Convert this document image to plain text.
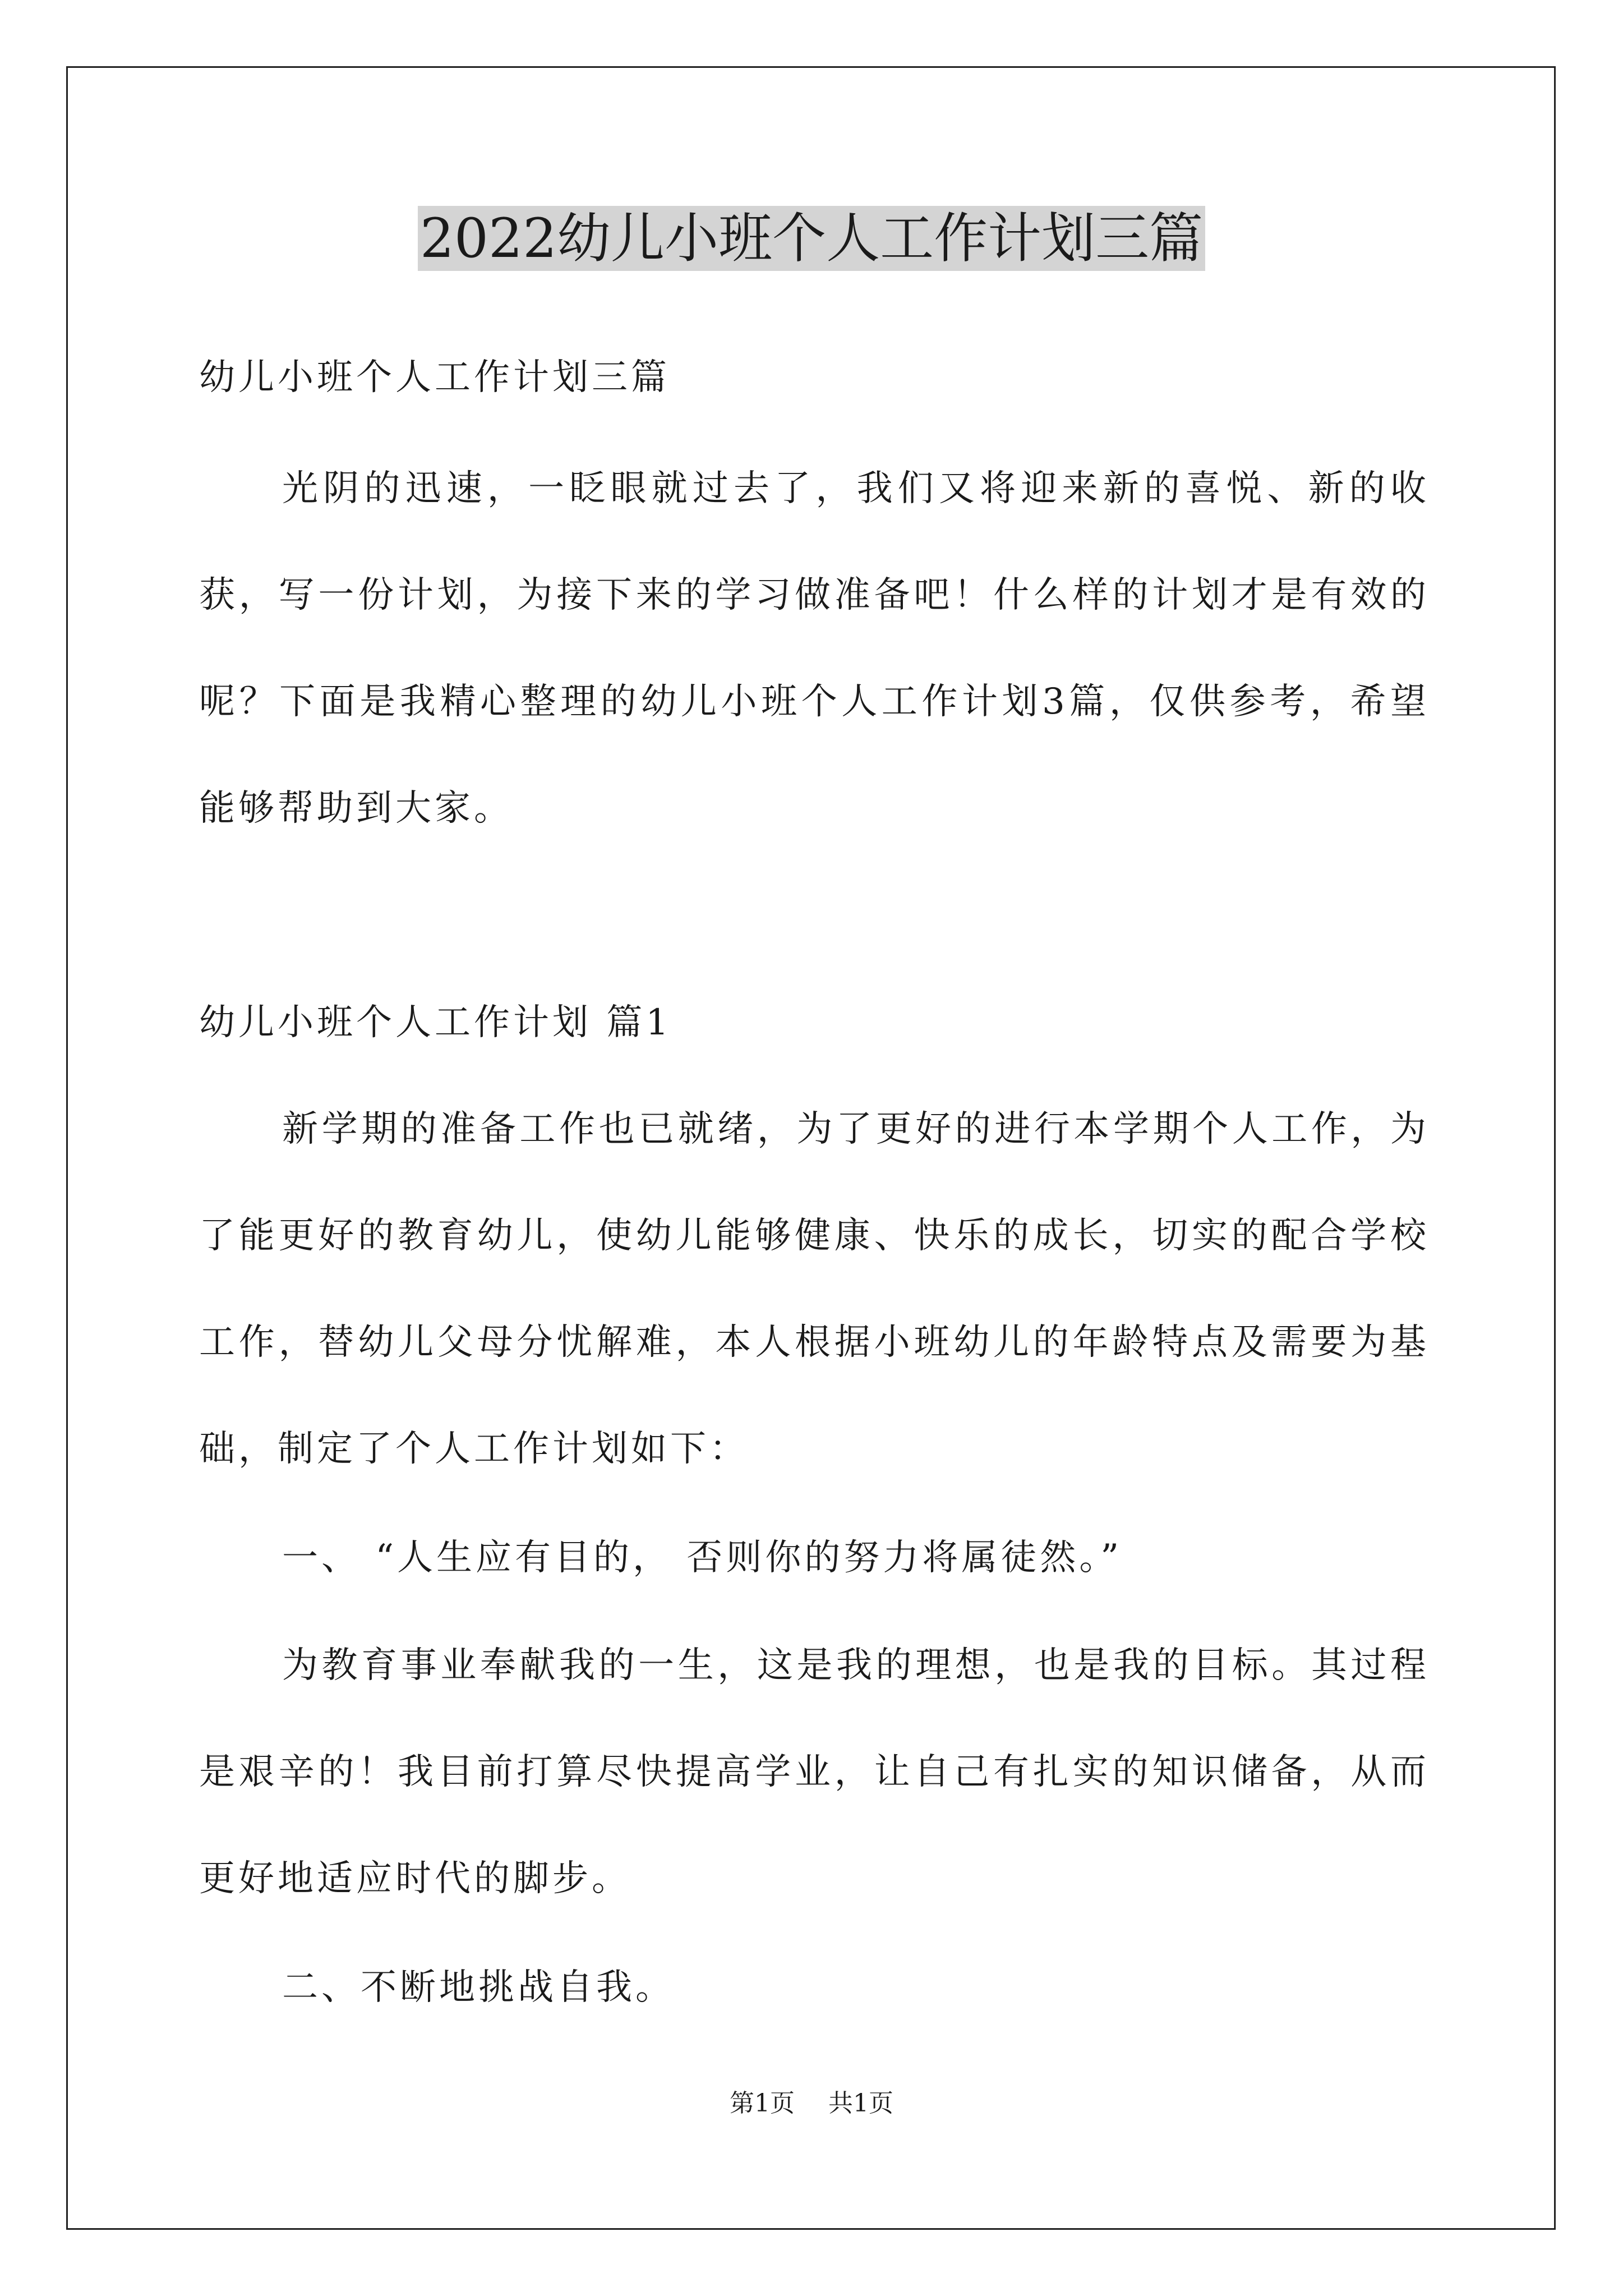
2022幼儿小班个人工作计划三篇

幼儿小班个人工作计划三篇

光阴的迅速，一眨眼就过去了，我们又将迎来新的喜悦、新的收获，写一份计划，为接下来的学习做准备吧！什么样的计划才是有效的呢？下面是我精心整理的幼儿小班个人工作计划3篇，仅供参考，希望能够帮助到大家。

幼儿小班个人工作计划 篇1

新学期的准备工作也已就绪，为了更好的进行本学期个人工作，为了能更好的教育幼儿，使幼儿能够健康、快乐的成长，切实的配合学校工作，替幼儿父母分忧解难，本人根据小班幼儿的年龄特点及需要为基础，制定了个人工作计划如下：

一、 “人生应有目的， 否则你的努力将属徒然。”

为教育事业奉献我的一生，这是我的理想，也是我的目标。其过程是艰辛的！我目前打算尽快提高学业，让自己有扎实的知识储备，从而更好地适应时代的脚步。

二、不断地挑战自我。

第1页 共1页
